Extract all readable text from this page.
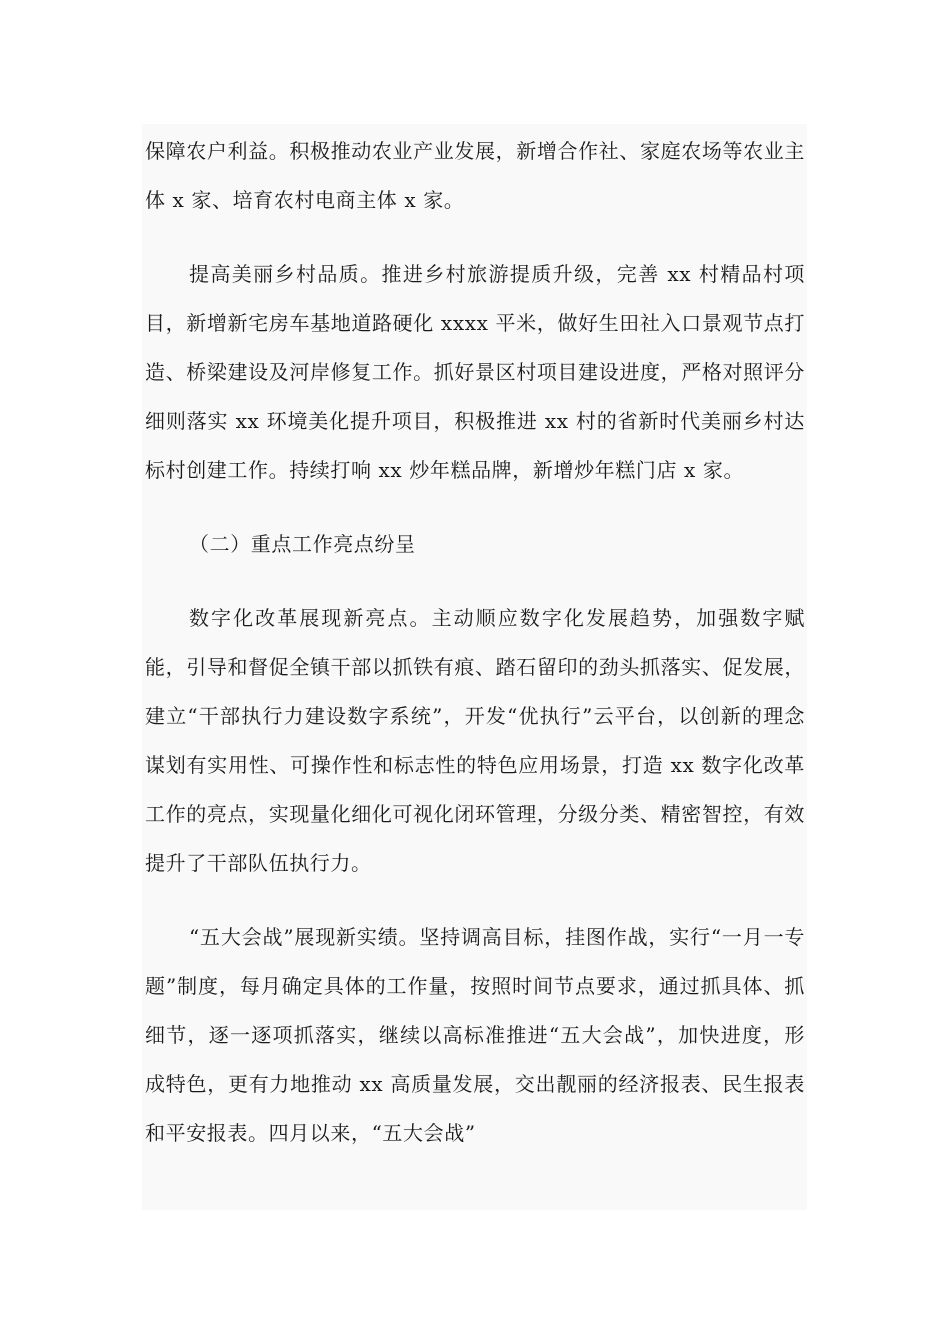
保障农户利益。积极推动农业产业发展，新增合作社、家庭农场等农业主体 x 家、培育农村电商主体 x 家。

提高美丽乡村品质。推进乡村旅游提质升级，完善 xx 村精品村项目，新增新宅房车基地道路硬化 xxxx 平米，做好生田社入口景观节点打造、桥梁建设及河岸修复工作。抓好景区村项目建设进度，严格对照评分细则落实 xx 环境美化提升项目，积极推进 xx 村的省新时代美丽乡村达标村创建工作。持续打响 xx 炒年糕品牌，新增炒年糕门店 x 家。

（二）重点工作亮点纷呈

数字化改革展现新亮点。主动顺应数字化发展趋势，加强数字赋能，引导和督促全镇干部以抓铁有痕、踏石留印的劲头抓落实、促发展，建立“干部执行力建设数字系统”，开发“优执行”云平台，以创新的理念谋划有实用性、可操作性和标志性的特色应用场景，打造 xx 数字化改革工作的亮点，实现量化细化可视化闭环管理，分级分类、精密智控，有效提升了干部队伍执行力。

“五大会战”展现新实绩。坚持调高目标，挂图作战，实行“一月一专题”制度，每月确定具体的工作量，按照时间节点要求，通过抓具体、抓细节，逐一逐项抓落实，继续以高标准推进“五大会战”，加快进度，形成特色，更有力地推动 xx 高质量发展，交出靓丽的经济报表、民生报表和平安报表。四月以来，“五大会战”
